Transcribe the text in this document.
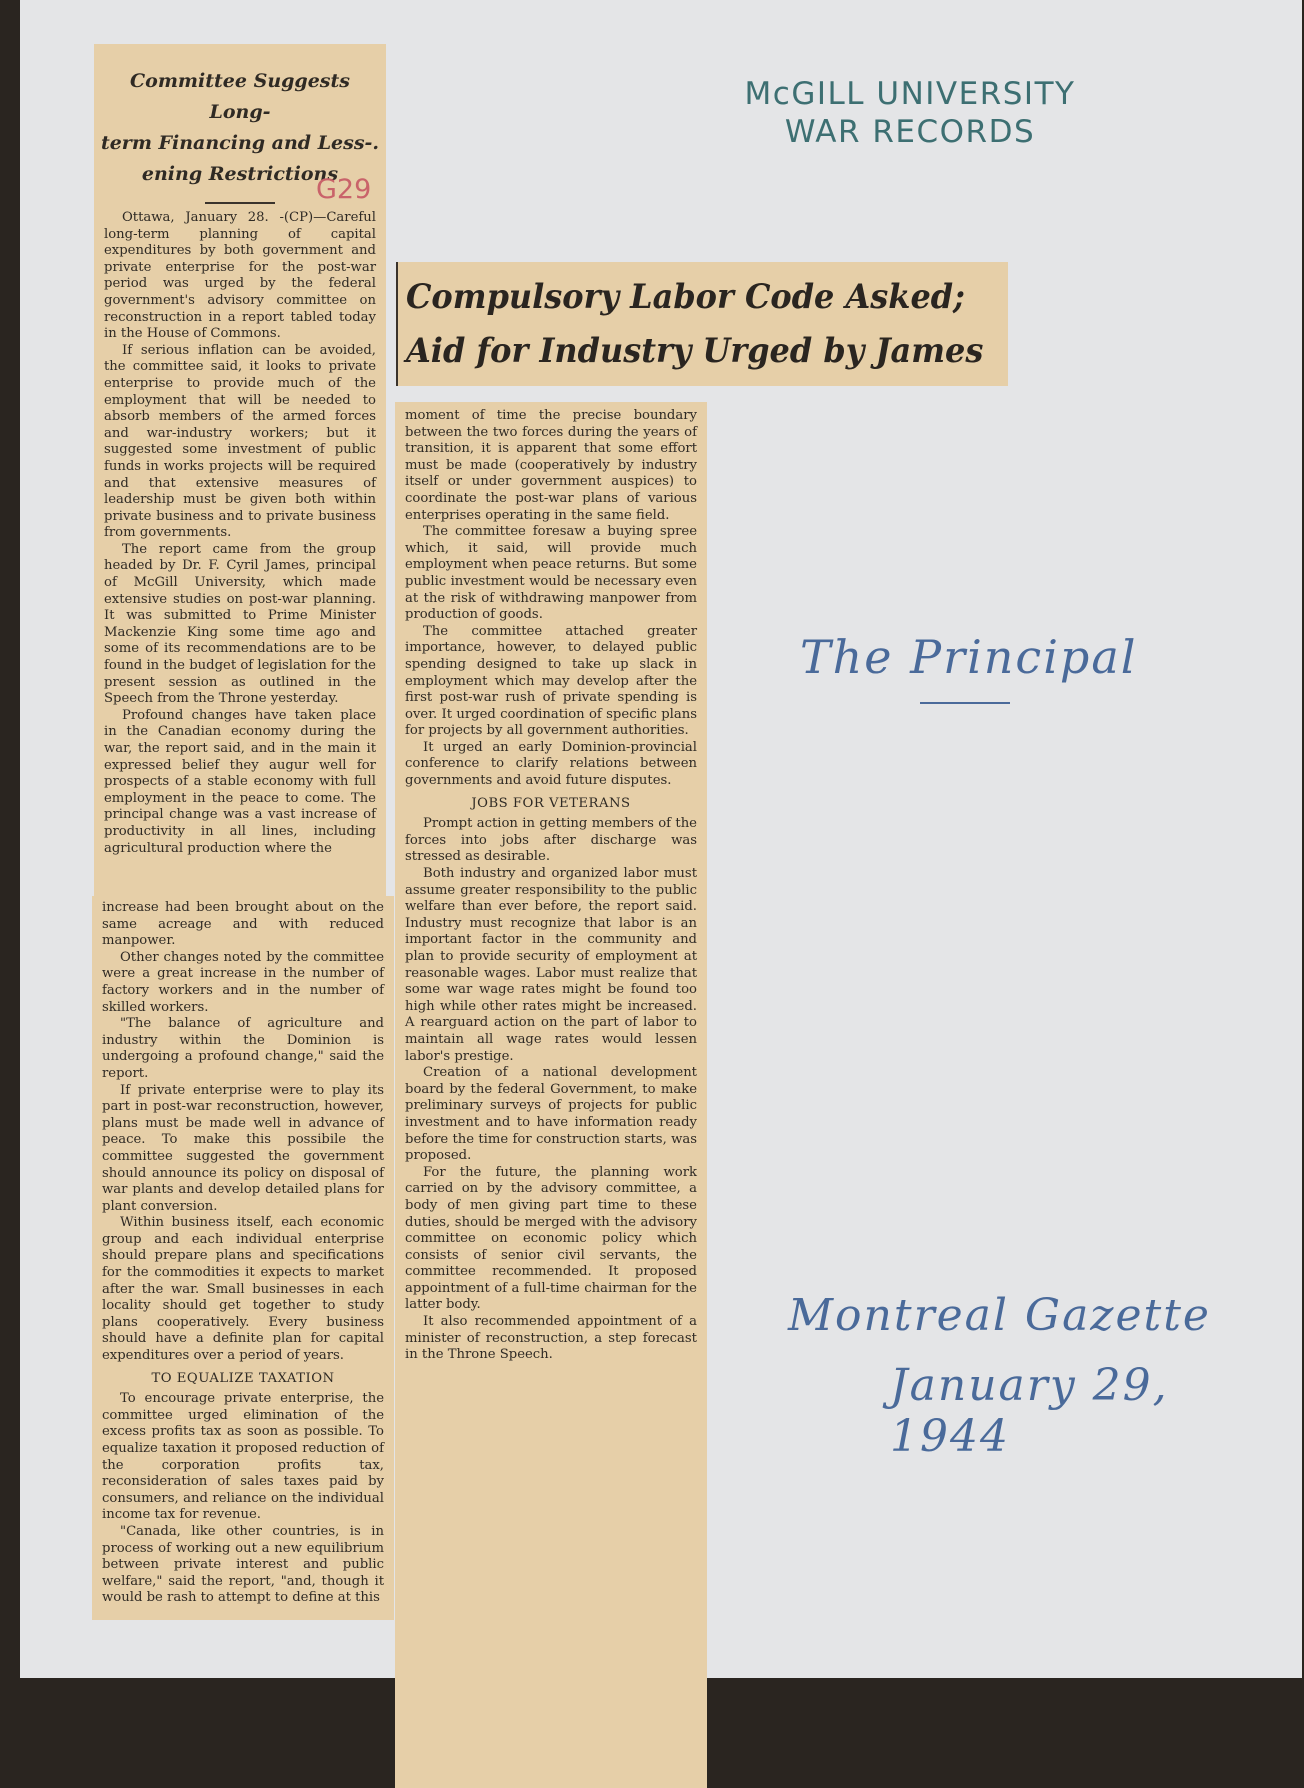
McGILL UNIVERSITY
WAR RECORDS
Committee Suggests Long-
term Financing and Less-.
ening Restrictions
G29

Ottawa, January 28. -(CP)—Careful long-term planning of capital expenditures by both government and private enterprise for the post-war period was urged by the federal government's advisory committee on reconstruction in a report tabled today in the House of Commons.

If serious inflation can be avoided, the committee said, it looks to private enterprise to provide much of the employment that will be needed to absorb members of the armed forces and war-industry workers; but it suggested some investment of public funds in works projects will be required and that extensive measures of leadership must be given both within private business and to private business from governments.

The report came from the group headed by Dr. F. Cyril James, principal of McGill University, which made extensive studies on post-war planning. It was submitted to Prime Minister Mackenzie King some time ago and some of its recommendations are to be found in the budget of legislation for the present session as outlined in the Speech from the Throne yesterday.

Profound changes have taken place in the Canadian economy during the war, the report said, and in the main it expressed belief they augur well for prospects of a stable economy with full employment in the peace to come. The principal change was a vast increase of productivity in all lines, including agricultural production where the

increase had been brought about on the same acreage and with reduced manpower.

Other changes noted by the committee were a great increase in the number of factory workers and in the number of skilled workers.

"The balance of agriculture and industry within the Dominion is undergoing a profound change," said the report.

If private enterprise were to play its part in post-war reconstruction, however, plans must be made well in advance of peace. To make this possibile the committee suggested the government should announce its policy on disposal of war plants and develop detailed plans for plant conversion.

Within business itself, each economic group and each individual enterprise should prepare plans and specifications for the commodities it expects to market after the war. Small businesses in each locality should get together to study plans cooperatively. Every business should have a definite plan for capital expenditures over a period of years.

TO EQUALIZE TAXATION

To encourage private enterprise, the committee urged elimination of the excess profits tax as soon as possible. To equalize taxation it proposed reduction of the corporation profits tax, reconsideration of sales taxes paid by consumers, and reliance on the individual income tax for revenue.

"Canada, like other countries, is in process of working out a new equilibrium between private interest and public welfare," said the report, "and, though it would be rash to attempt to define at this

Compulsory Labor Code Asked;
Aid for Industry Urged by James

moment of time the precise boundary between the two forces during the years of transition, it is apparent that some effort must be made (cooperatively by industry itself or under government auspices) to coordinate the post-war plans of various enterprises operating in the same field.

The committee foresaw a buying spree which, it said, will provide much employment when peace returns. But some public investment would be necessary even at the risk of withdrawing manpower from production of goods.

The committee attached greater importance, however, to delayed public spending designed to take up slack in employment which may develop after the first post-war rush of private spending is over. It urged coordination of specific plans for projects by all government authorities.

It urged an early Dominion-provincial conference to clarify relations between governments and avoid future disputes.

JOBS FOR VETERANS

Prompt action in getting members of the forces into jobs after discharge was stressed as desirable.

Both industry and organized labor must assume greater responsibility to the public welfare than ever before, the report said. Industry must recognize that labor is an important factor in the community and plan to provide security of employment at reasonable wages. Labor must realize that some war wage rates might be found too high while other rates might be increased. A rearguard action on the part of labor to maintain all wage rates would lessen labor's prestige.

Creation of a national development board by the federal Government, to make preliminary surveys of projects for public investment and to have information ready before the time for construction starts, was proposed.

For the future, the planning work carried on by the advisory committee, a body of men giving part time to these duties, should be merged with the advisory committee on economic policy which consists of senior civil servants, the committee recommended. It proposed appointment of a full-time chairman for the latter body.

It also recommended appointment of a minister of reconstruction, a step forecast in the Throne Speech.

The Principal
Montreal Gazette
January 29, 1944
